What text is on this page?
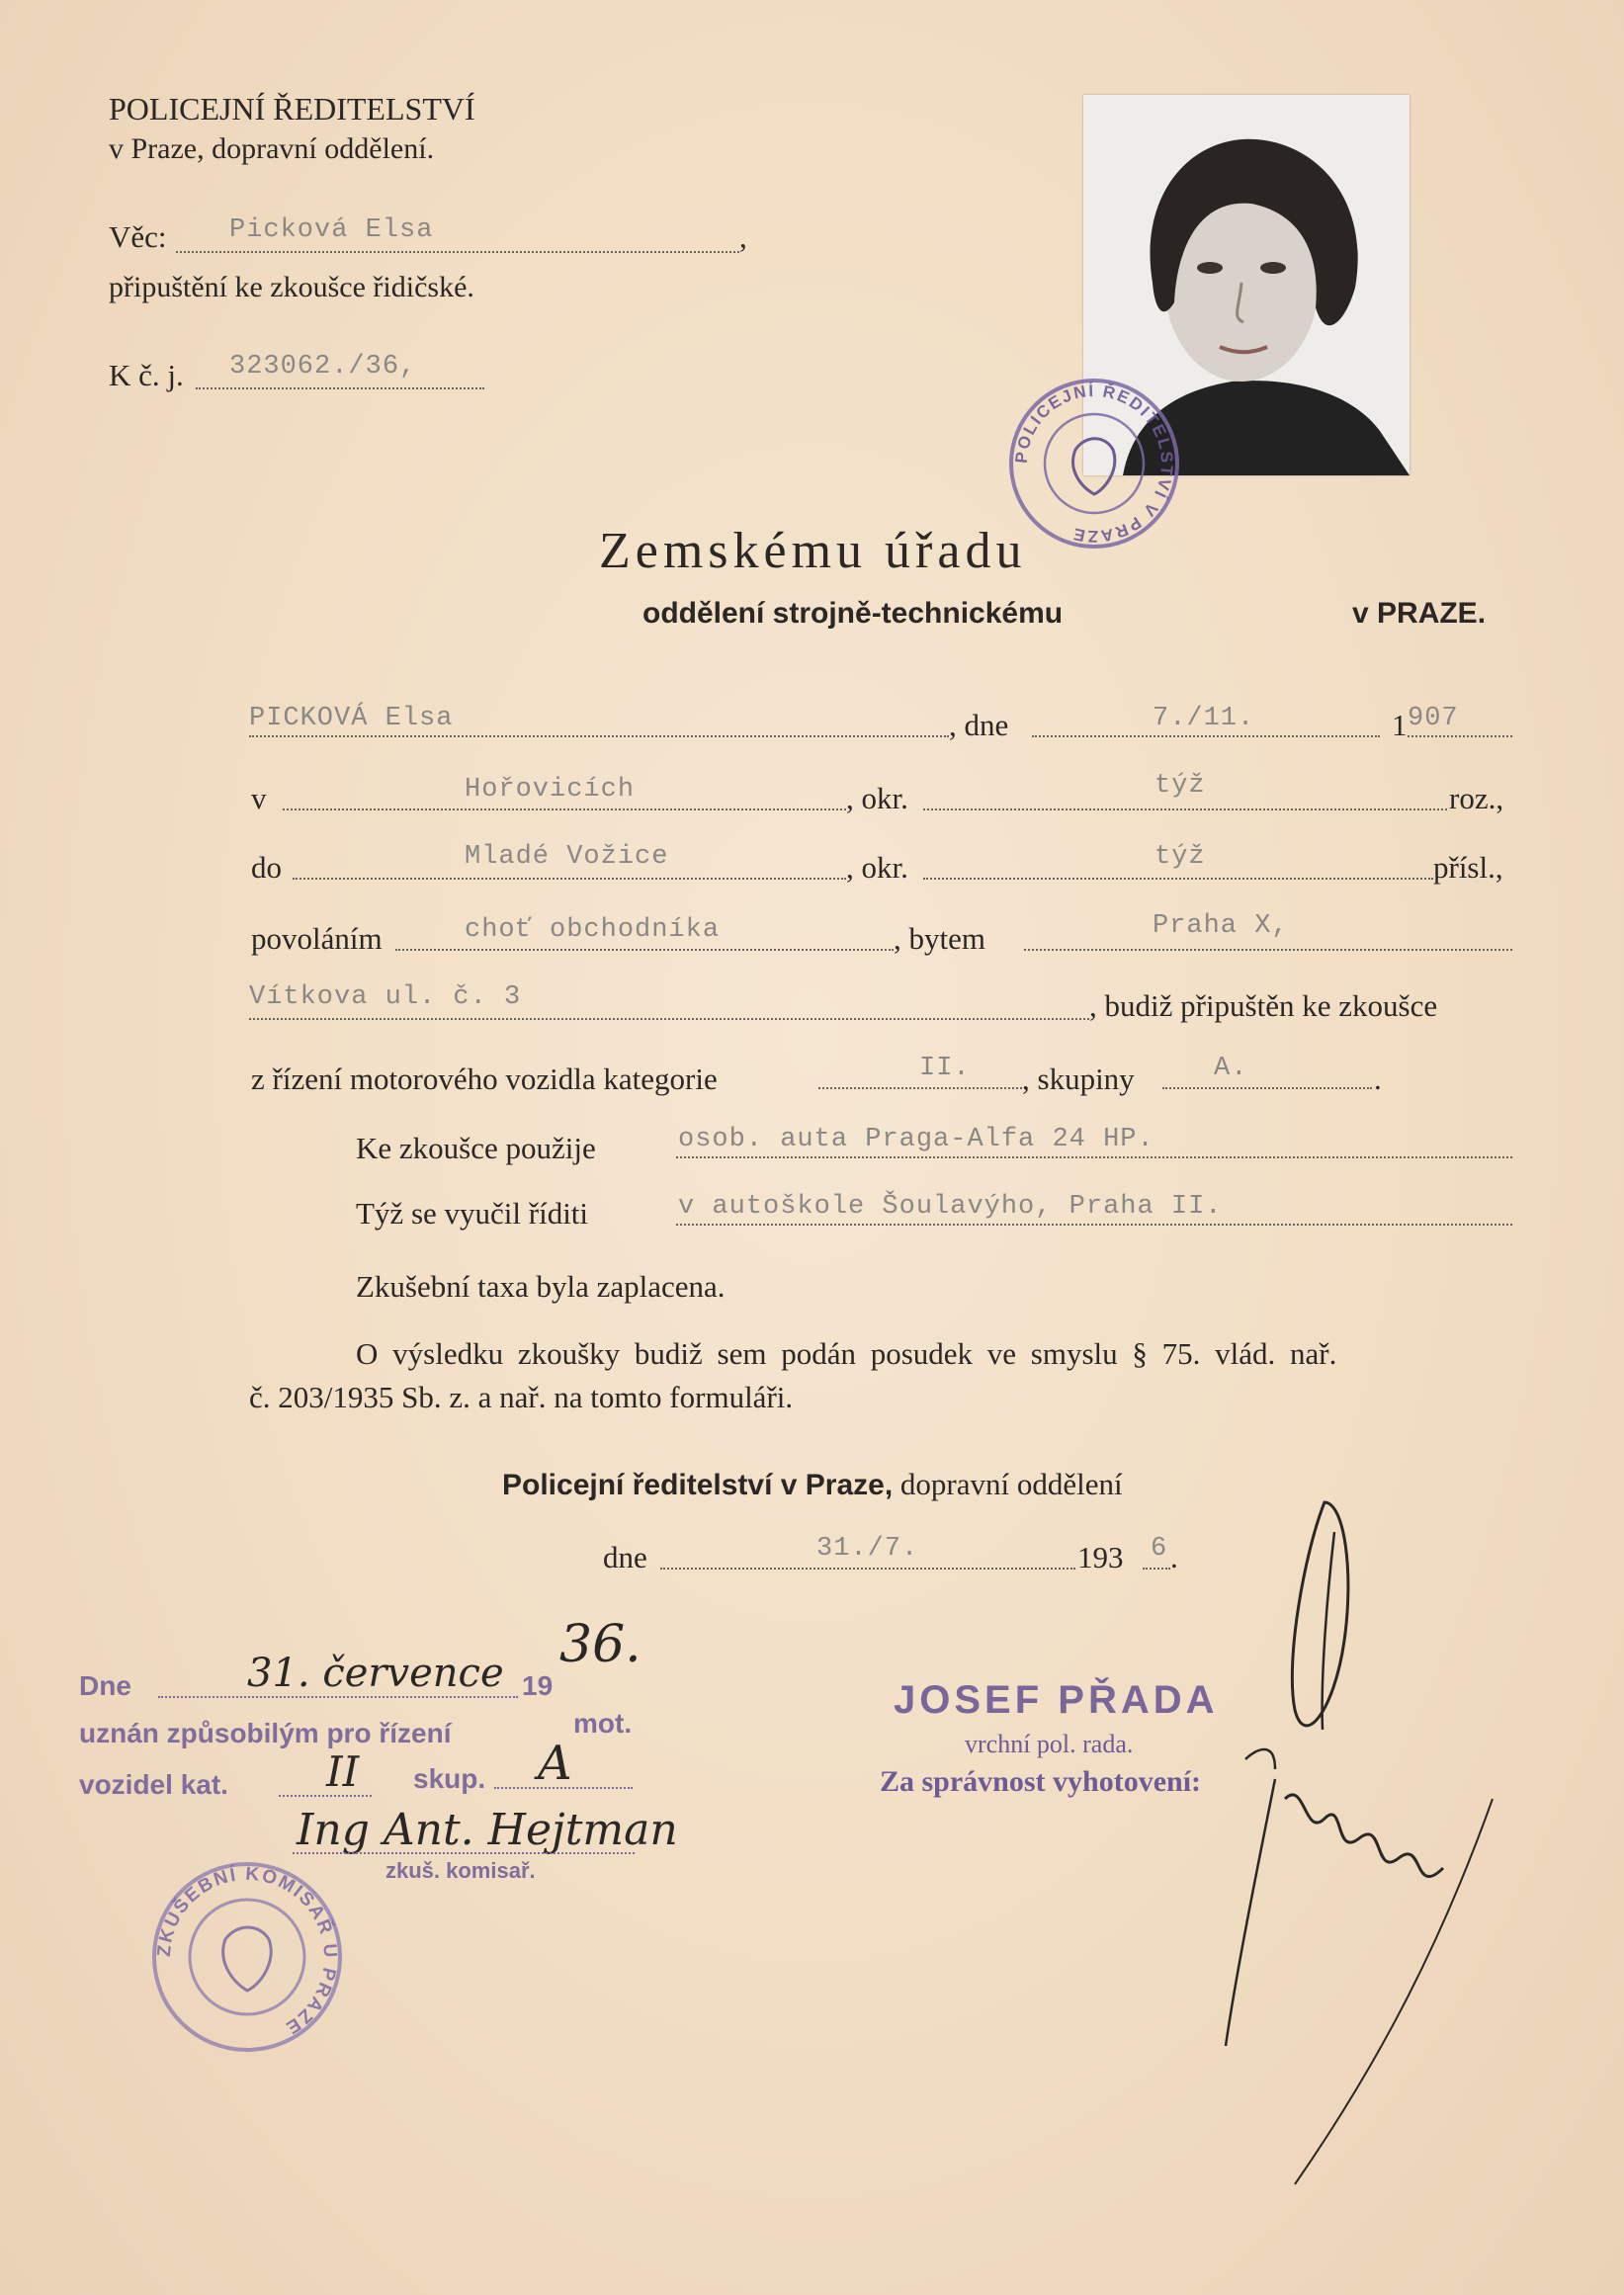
POLICEJNÍ ŘEDITELSTVÍ
v Praze, dopravní oddělení.
Věc: Picková Elsa	,
připuštění ke zkoušce řidičské.
K č. j. 323062./36,
POLICEJNÍ ŘEDITELSTVÍ V PRAZE
Zemskému úřadu
oddělení strojně-technickému	v PRAZE.
PICKOVÁ Elsa	, dne	7./11.	1 907
v	Hořovicích	, okr.	týž	roz.,
do	Mladé Vožice	, okr.	týž	přísl.,
povoláním	choť obchodníka	, bytem	Praha X,
Vítkova ul. č. 3	, budiž připuštěn ke zkoušce
z řízení motorového vozidla kategorie	II. , skupiny	A.	.
Ke zkoušce použije	osob. auta Praga-Alfa 24 HP.
Týž se vyučil říditi	v autoškole Šoulavýho, Praha II.
Zkušební taxa byla zaplacena.
O výsledku zkoušky budiž sem podán posudek ve smyslu § 75. vlád. nař.
č. 203/1935 Sb. z. a nař. na tomto formuláři.
Policejní ředitelství v Praze, dopravní oddělení
dne	31./7.	193 6 .
Dne	31. července 19
36.
uznán způsobilým pro řízení	mot.
vozidel kat. II skup. A
Ing Ant. Hejtman
zkuš. komisař.
ZKUŠEBNÍ KOMISAŘ U PRAZE
JOSEF PŘADA
vrchní pol. rada.
Za správnost vyhotovení:
